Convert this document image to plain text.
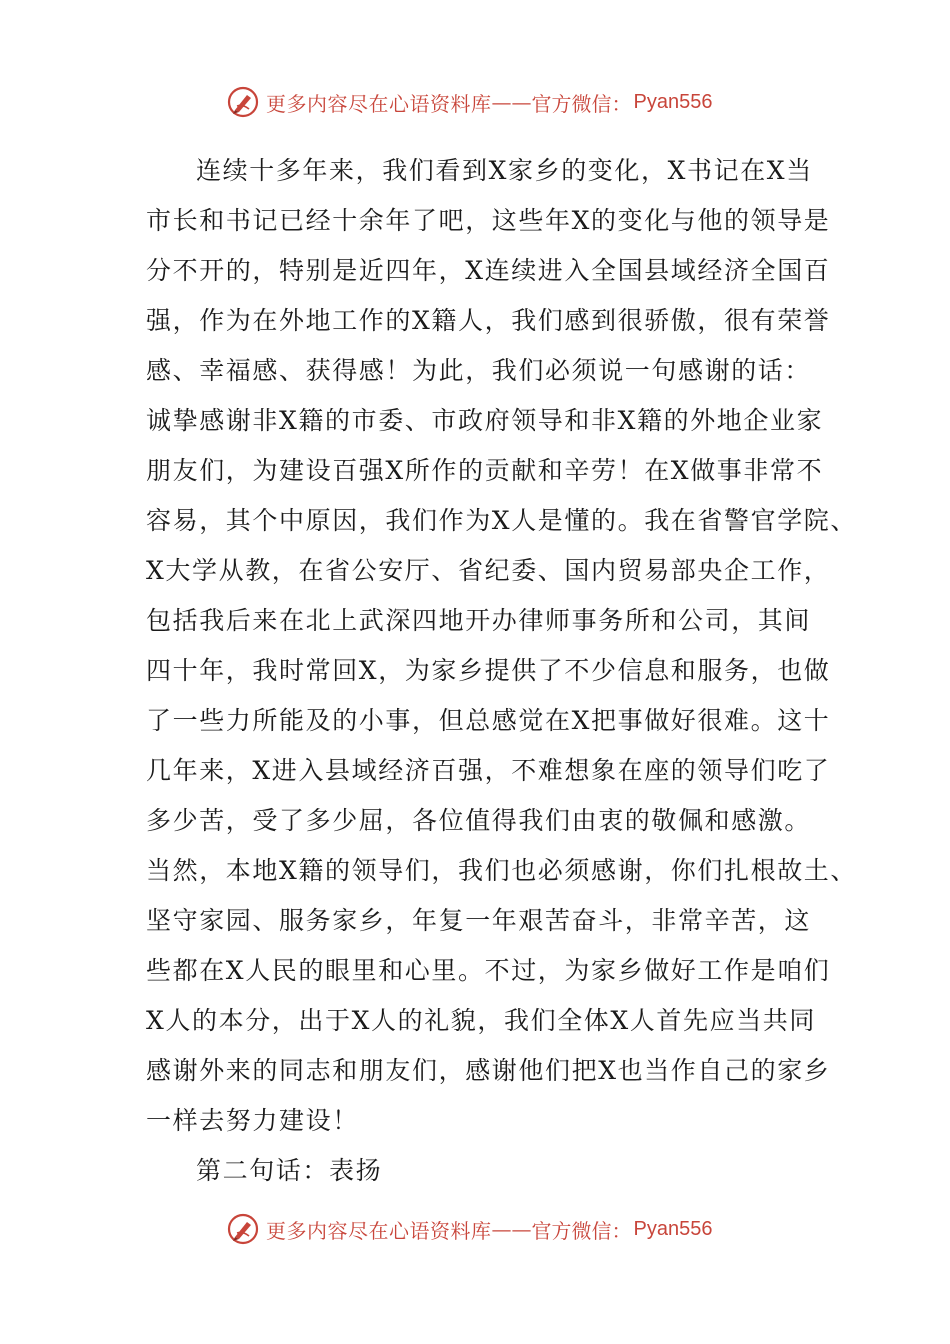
更多内容尽在心语资料库 —— 官方微信： Pyan556
连续十多年来，我们看到X家乡的变化，X书记在X当
市长和书记已经十余年了吧，这些年X的变化与他的领导是
分不开的，特别是近四年，X连续进入全国县域经济全国百
强，作为在外地工作的X籍人，我们感到很骄傲，很有荣誉
感、幸福感、获得感！为此，我们必须说一句感谢的话：
诚挚感谢非X籍的市委、市政府领导和非X籍的外地企业家
朋友们，为建设百强X所作的贡献和辛劳！在X做事非常不
容易，其个中原因，我们作为X人是懂的。我在省警官学院、
X大学从教，在省公安厅、省纪委、国内贸易部央企工作，
包括我后来在北上武深四地开办律师事务所和公司，其间
四十年，我时常回X，为家乡提供了不少信息和服务，也做
了一些力所能及的小事，但总感觉在X把事做好很难。这十
几年来，X进入县域经济百强，不难想象在座的领导们吃了
多少苦，受了多少屈，各位值得我们由衷的敬佩和感激。
当然，本地X籍的领导们，我们也必须感谢，你们扎根故土、
坚守家园、服务家乡，年复一年艰苦奋斗，非常辛苦，这
些都在X人民的眼里和心里。不过，为家乡做好工作是咱们
X人的本分，出于X人的礼貌，我们全体X人首先应当共同
感谢外来的同志和朋友们，感谢他们把X也当作自己的家乡
一样去努力建设！
第二句话：表扬
更多内容尽在心语资料库 —— 官方微信： Pyan556
